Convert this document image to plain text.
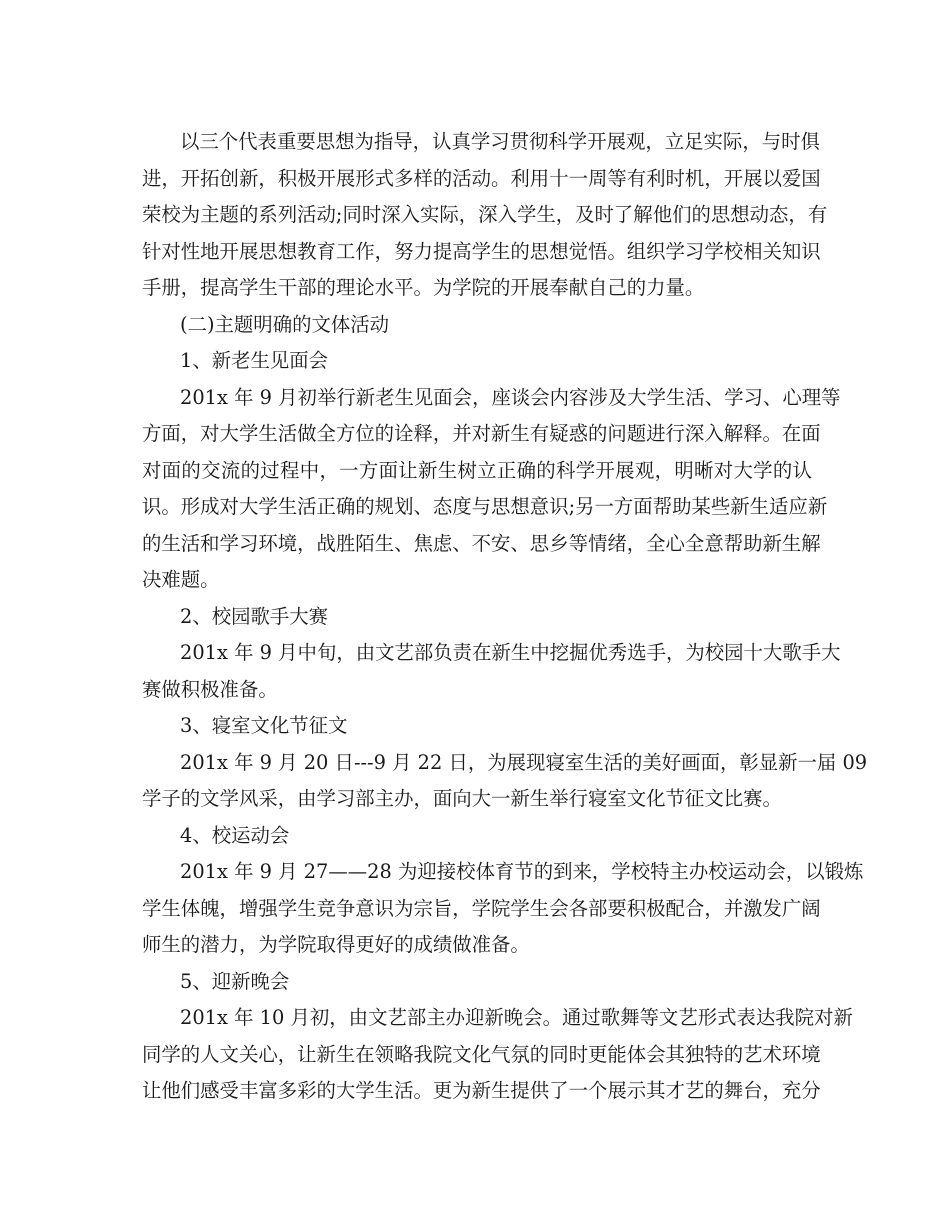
以三个代表重要思想为指导，认真学习贯彻科学开展观，立足实际，与时俱
进，开拓创新，积极开展形式多样的活动。利用十一周等有利时机，开展以爱国
荣校为主题的系列活动;同时深入实际，深入学生，及时了解他们的思想动态，有
针对性地开展思想教育工作，努力提高学生的思想觉悟。组织学习学校相关知识
手册，提高学生干部的理论水平。为学院的开展奉献自己的力量。
(二)主题明确的文体活动
1、新老生见面会
201x 年 9 月初举行新老生见面会，座谈会内容涉及大学生活、学习、心理等
方面，对大学生活做全方位的诠释，并对新生有疑惑的问题进行深入解释。在面
对面的交流的过程中，一方面让新生树立正确的科学开展观，明晰对大学的认
识。形成对大学生活正确的规划、态度与思想意识;另一方面帮助某些新生适应新
的生活和学习环境，战胜陌生、焦虑、不安、思乡等情绪，全心全意帮助新生解
决难题。
2、校园歌手大赛
201x 年 9 月中旬，由文艺部负责在新生中挖掘优秀选手，为校园十大歌手大
赛做积极准备。
3、寝室文化节征文
201x 年 9 月 20 日---9 月 22 日，为展现寝室生活的美好画面，彰显新一届 09
学子的文学风采，由学习部主办，面向大一新生举行寝室文化节征文比赛。
4、校运动会
201x 年 9 月 27——28 为迎接校体育节的到来，学校特主办校运动会，以锻炼
学生体魄，增强学生竞争意识为宗旨，学院学生会各部要积极配合，并激发广阔
师生的潜力，为学院取得更好的成绩做准备。
5、迎新晚会
201x 年 10 月初，由文艺部主办迎新晚会。通过歌舞等文艺形式表达我院对新
同学的人文关心，让新生在领略我院文化气氛的同时更能体会其独特的艺术环境
让他们感受丰富多彩的大学生活。更为新生提供了一个展示其才艺的舞台，充分
